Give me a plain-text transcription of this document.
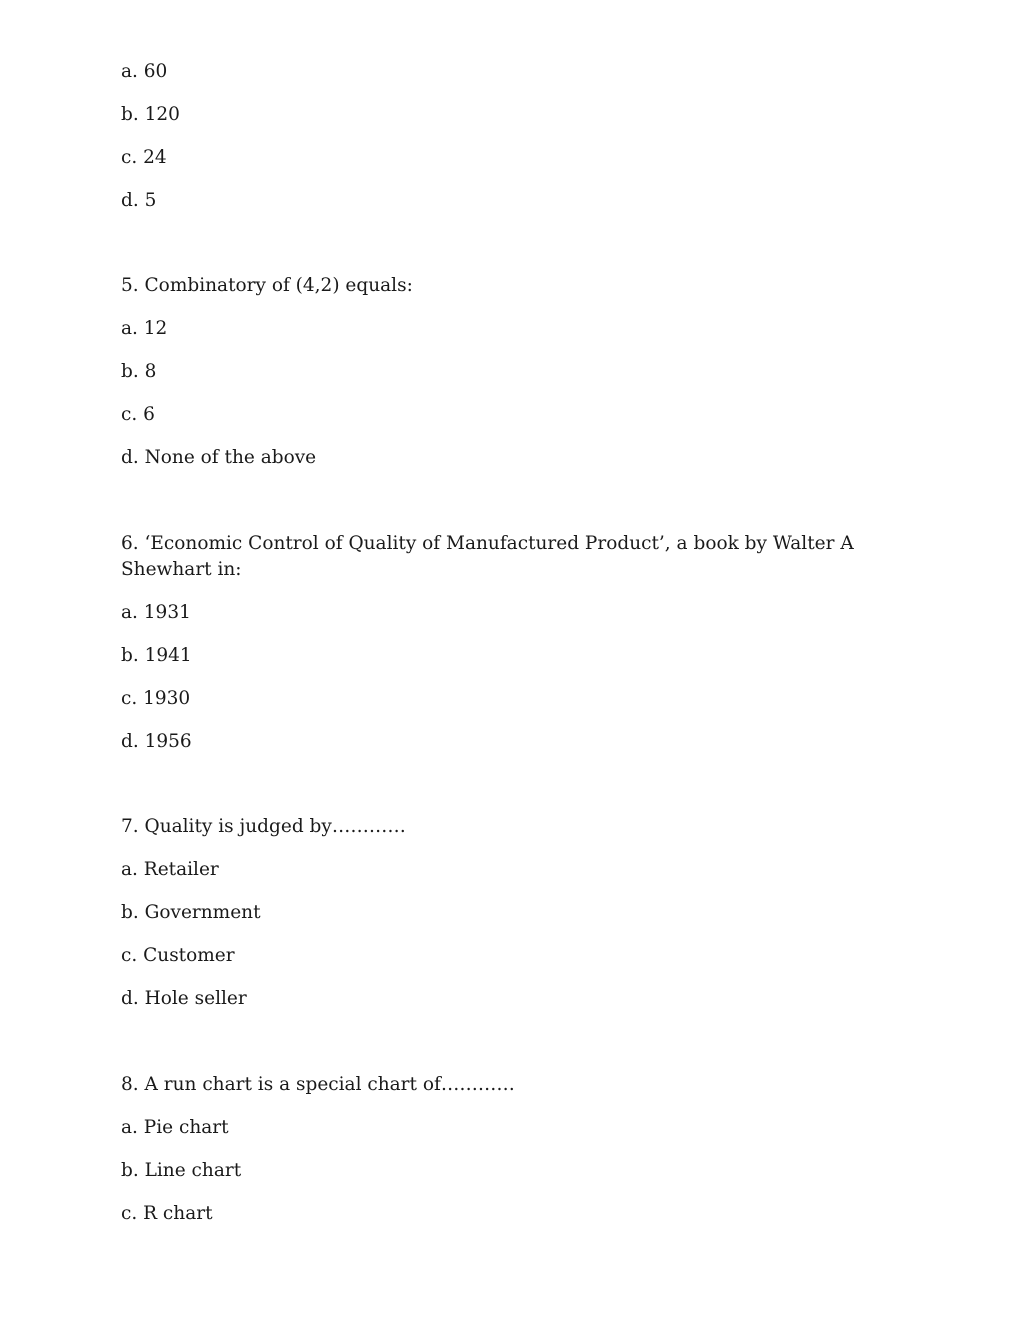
a. 60
b. 120
c. 24
d. 5
5. Combinatory of (4,2) equals:
a. 12
b. 8
c. 6
d. None of the above
6. ‘Economic Control of Quality of Manufactured Product’, a book by Walter A Shewhart in:
a. 1931
b. 1941
c. 1930
d. 1956
7. Quality is judged by…………
a. Retailer
b. Government
c. Customer
d. Hole seller
8. A run chart is a special chart of…………
a. Pie chart
b. Line chart
c. R chart
